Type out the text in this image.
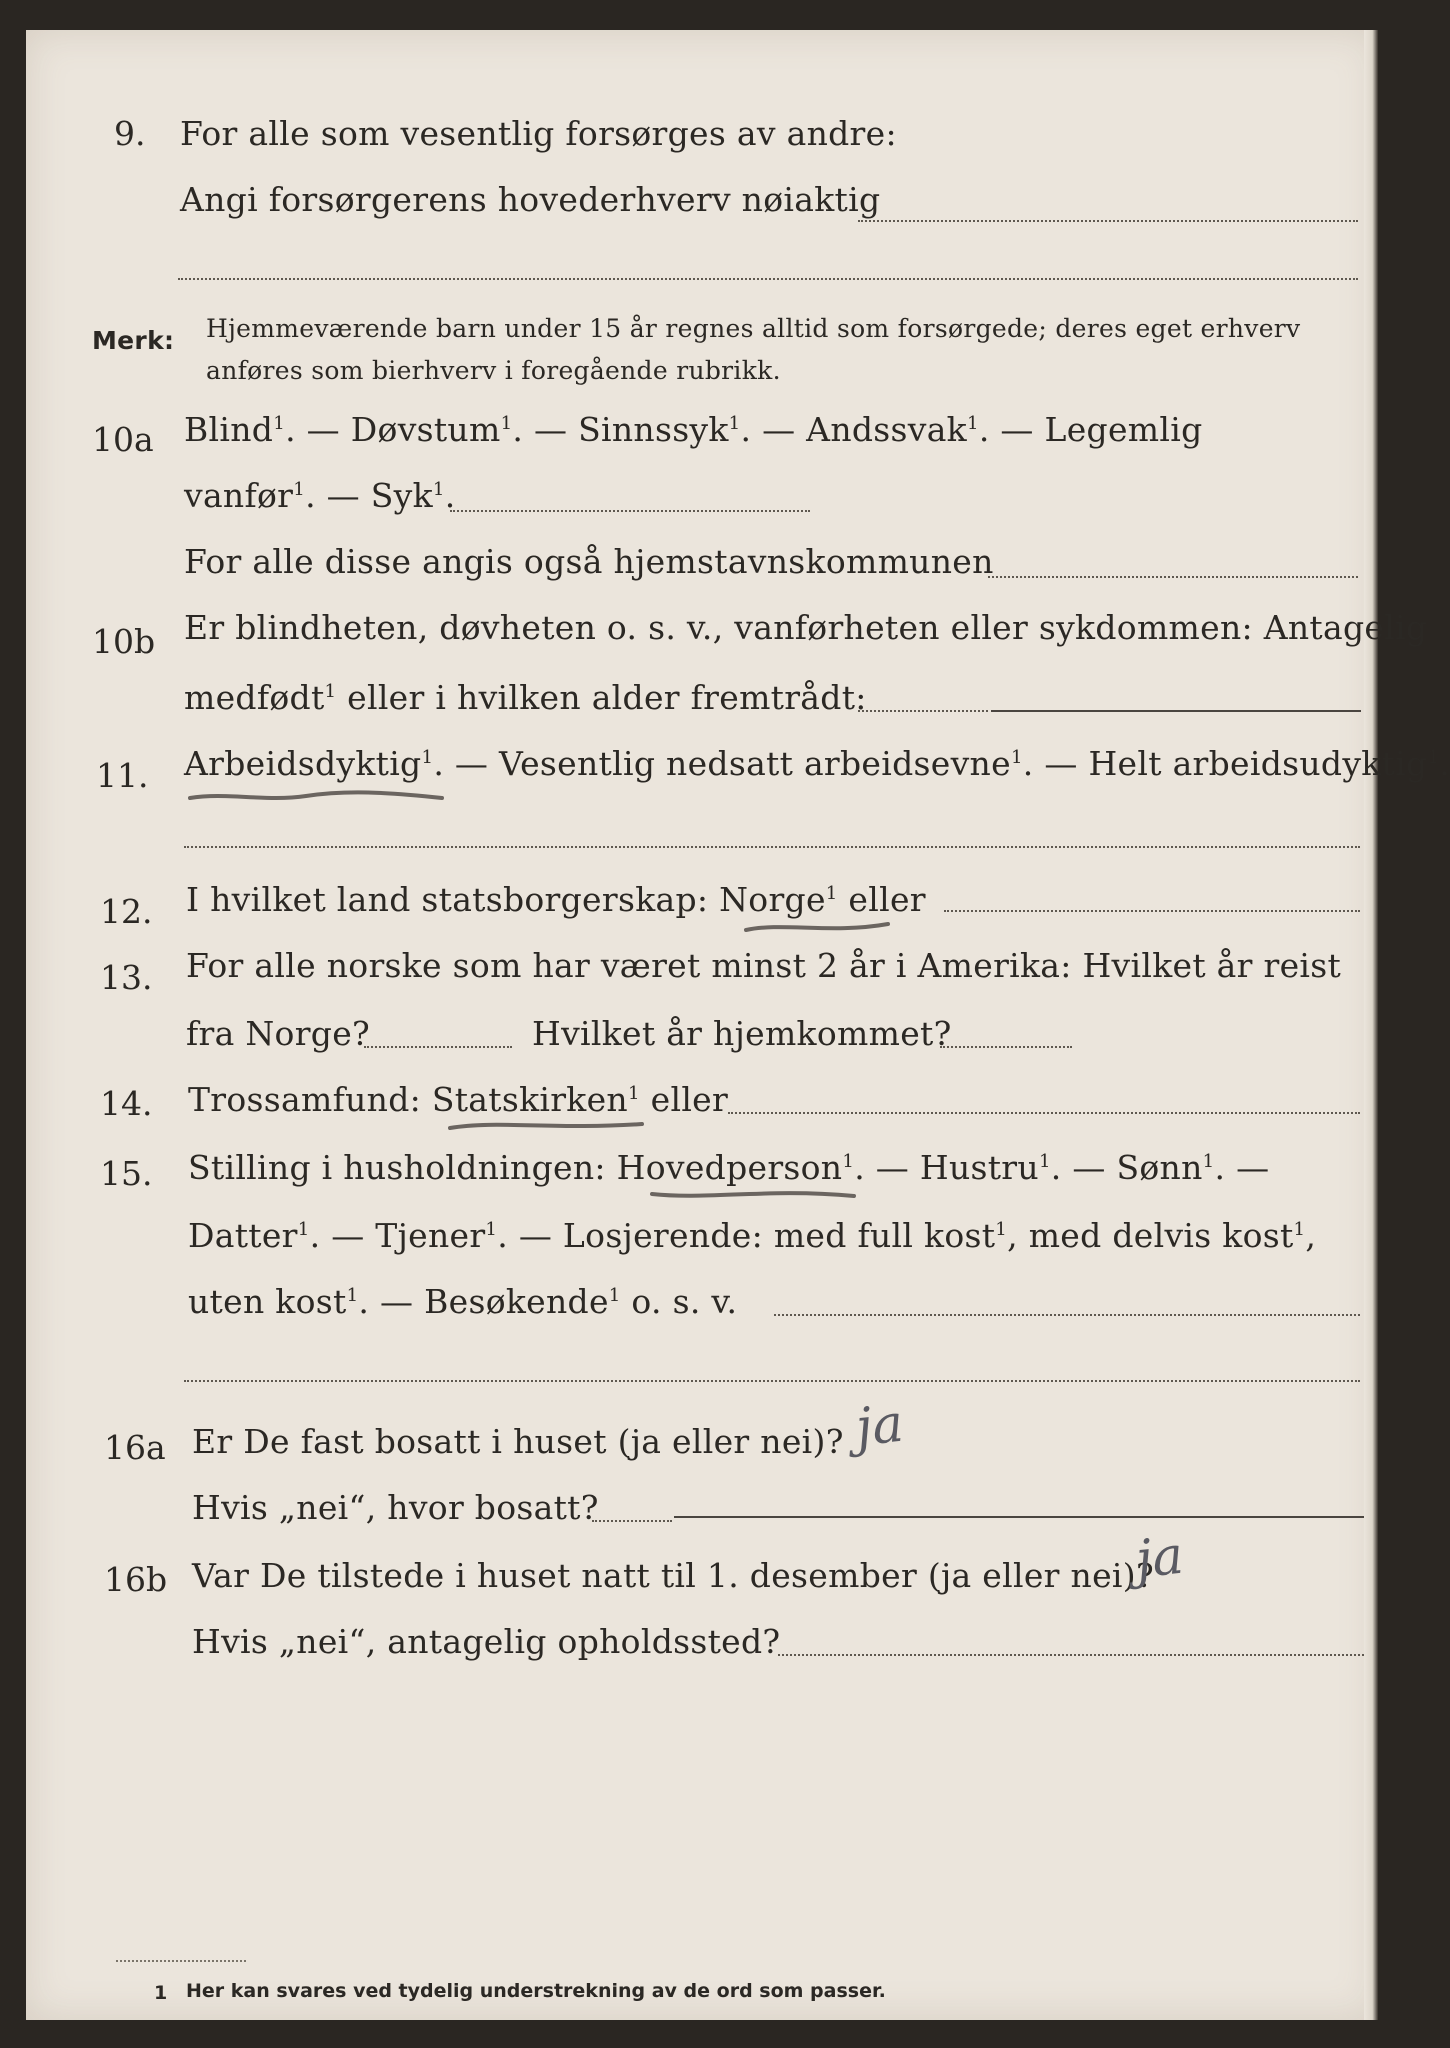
9. For alle som vesentlig forsørges av andre:
Angi forsørgerens hovederhverv nøiaktig
Merk: Hjemmeværende barn under 15 år regnes alltid som forsørgede; deres eget erhverv
anføres som bierhverv i foregående rubrikk.
10a Blind$^1$. — Døvstum$^1$. — Sinnssyk$^1$. — Andssvak$^1$. — Legemlig
vanfør$^1$. — Syk$^1$.
For alle disse angis også hjemstavnskommunen
10b Er blindheten, døvheten o. s. v., vanførheten eller sykdommen: Antagelig
medfødt$^1$ eller i hvilken alder fremtrådt:
11. Arbeidsdyktig$^1$. — Vesentlig nedsatt arbeidsevne$^1$. — Helt arbeidsudyktig$^1$.
12. I hvilket land statsborgerskap: Norge$^1$ eller
13. For alle norske som har været minst 2 år i Amerika: Hvilket år reist
fra Norge?	Hvilket år hjemkommet?
14. Trossamfund: Statskirken$^1$ eller
15. Stilling i husholdningen: Hovedperson$^1$. — Hustru$^1$. — Sønn$^1$. —
Datter$^1$. — Tjener$^1$. — Losjerende: med full kost$^1$, med delvis kost$^1$,
uten kost$^1$. — Besøkende$^1$ o. s. v.
16a Er De fast bosatt i huset (ja eller nei)? ja
Hvis „nei“, hvor bosatt?
16b Var De tilstede i huset natt til 1. desember (ja eller nei)?
ja
Hvis „nei“, antagelig opholdssted?
1 Her kan svares ved tydelig understrekning av de ord som passer.
